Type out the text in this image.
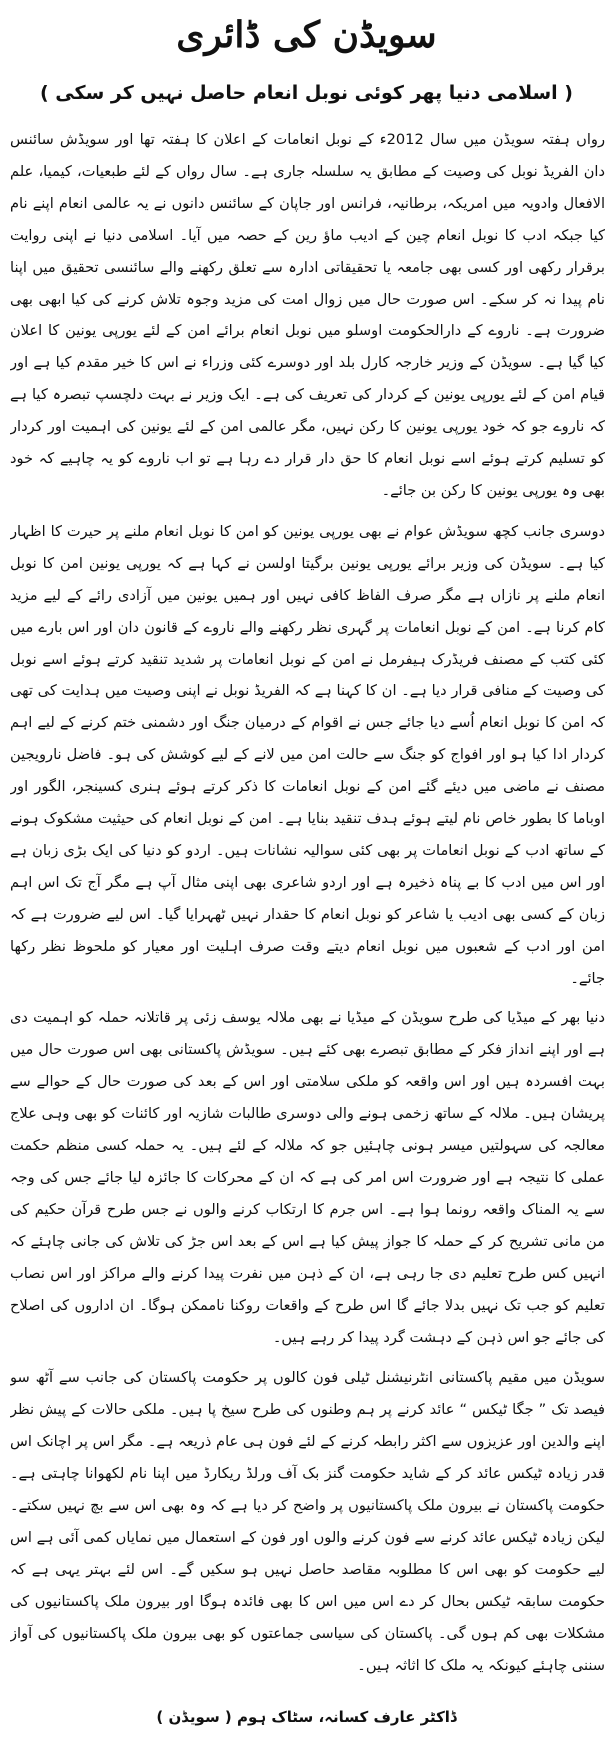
سویڈن کی ڈائری
( اسلامی دنیا پھر کوئی نوبل انعام حاصل نہیں کر سکی )

رواں ہفتہ سویڈن میں سال 2012ء کے نوبل انعامات کے اعلان کا ہفتہ تھا اور سویڈش سائنس دان الفریڈ نوبل کی وصیت کے مطابق یہ سلسلہ جاری ہے۔ سال رواں کے لئے طبعیات، کیمیا، علم الافعال وادویہ میں امریکہ، برطانیہ، فرانس اور جاپان کے سائنس دانوں نے یہ عالمی انعام اپنے نام کیا جبکہ ادب کا نوبل انعام چین کے ادیب ماؤ رین کے حصہ میں آیا۔ اسلامی دنیا نے اپنی روایت برقرار رکھی اور کسی بھی جامعہ یا تحقیقاتی ادارہ سے تعلق رکھنے والے سائنسی تحقیق میں اپنا نام پیدا نہ کر سکے۔ اس صورت حال میں زوال امت کی مزید وجوہ تلاش کرنے کی کیا ابھی بھی ضرورت ہے۔ ناروے کے دارالحکومت اوسلو میں نوبل انعام برائے امن کے لئے یورپی یونین کا اعلان کیا گیا ہے۔ سویڈن کے وزیر خارجہ کارل بلد اور دوسرے کئی وزراء نے اس کا خیر مقدم کیا ہے اور قیام امن کے لئے یورپی یونین کے کردار کی تعریف کی ہے۔ ایک وزیر نے بہت دلچسپ تبصرہ کیا ہے کہ ناروے جو کہ خود یورپی یونین کا رکن نہیں، مگر عالمی امن کے لئے یونین کی اہمیت اور کردار کو تسلیم کرتے ہوئے اسے نوبل انعام کا حق دار قرار دے رہا ہے تو اب ناروے کو یہ چاہیے کہ خود بھی وہ یورپی یونین کا رکن بن جائے۔

دوسری جانب کچھ سویڈش عوام نے بھی یورپی یونین کو امن کا نوبل انعام ملنے پر حیرت کا اظہار کیا ہے۔ سویڈن کی وزیر برائے یورپی یونین برگیتا اولسن نے کہا ہے کہ یورپی یونین امن کا نوبل انعام ملنے پر نازاں ہے مگر صرف الفاظ کافی نہیں اور ہمیں یونین میں آزادی رائے کے لیے مزید کام کرنا ہے۔ امن کے نوبل انعامات پر گہری نظر رکھنے والے ناروے کے قانون دان اور اس بارے میں کئی کتب کے مصنف فریڈرک ہیفرمل نے امن کے نوبل انعامات پر شدید تنقید کرتے ہوئے اسے نوبل کی وصیت کے منافی قرار دیا ہے۔ ان کا کہنا ہے کہ الفریڈ نوبل نے اپنی وصیت میں ہدایت کی تھی کہ امن کا نوبل انعام اُسے دیا جائے جس نے اقوام کے درمیان جنگ اور دشمنی ختم کرنے کے لیے اہم کردار ادا کیا ہو اور افواج کو جنگ سے حالت امن میں لانے کے لیے کوشش کی ہو۔ فاضل نارویجین مصنف نے ماضی میں دیئے گئے امن کے نوبل انعامات کا ذکر کرتے ہوئے ہنری کسینجر، الگور اور اوباما کا بطور خاص نام لیتے ہوئے ہدف تنقید بنایا ہے۔ امن کے نوبل انعام کی حیثیت مشکوک ہونے کے ساتھ ادب کے نوبل انعامات پر بھی کئی سوالیہ نشانات ہیں۔ اردو کو دنیا کی ایک بڑی زبان ہے اور اس میں ادب کا بے پناہ ذخیرہ ہے اور اردو شاعری بھی اپنی مثال آپ ہے مگر آج تک اس اہم زبان کے کسی بھی ادیب یا شاعر کو نوبل انعام کا حقدار نہیں ٹھہرایا گیا۔ اس لیے ضرورت ہے کہ امن اور ادب کے شعبوں میں نوبل انعام دیتے وقت صرف اہلیت اور معیار کو ملحوظ نظر رکھا جائے۔

دنیا بھر کے میڈیا کی طرح سویڈن کے میڈیا نے بھی ملالہ یوسف زئی پر قاتلانہ حملہ کو اہمیت دی ہے اور اپنے انداز فکر کے مطابق تبصرے بھی کئے ہیں۔ سویڈش پاکستانی بھی اس صورت حال میں بہت افسردہ ہیں اور اس واقعہ کو ملکی سلامتی اور اس کے بعد کی صورت حال کے حوالے سے پریشان ہیں۔ ملالہ کے ساتھ زخمی ہونے والی دوسری طالبات شازیہ اور کائنات کو بھی وہی علاج معالجہ کی سہولتیں میسر ہونی چاہئیں جو کہ ملالہ کے لئے ہیں۔ یہ حملہ کسی منظم حکمت عملی کا نتیجہ ہے اور ضرورت اس امر کی ہے کہ ان کے محرکات کا جائزہ لیا جائے جس کی وجہ سے یہ المناک واقعہ رونما ہوا ہے۔ اس جرم کا ارتکاب کرنے والوں نے جس طرح قرآن حکیم کی من مانی تشریح کر کے حملہ کا جواز پیش کیا ہے اس کے بعد اس جڑ کی تلاش کی جانی چاہئے کہ انہیں کس طرح تعلیم دی جا رہی ہے، ان کے ذہن میں نفرت پیدا کرنے والے مراکز اور اس نصاب تعلیم کو جب تک نہیں بدلا جائے گا اس طرح کے واقعات روکنا ناممکن ہوگا۔ ان اداروں کی اصلاح کی جائے جو اس ذہن کے دہشت گرد پیدا کر رہے ہیں۔

سویڈن میں مقیم پاکستانی انٹرنیشنل ٹیلی فون کالوں پر حکومت پاکستان کی جانب سے آٹھ سو فیصد تک ” جگا ٹیکس “ عائد کرنے پر ہم وطنوں کی طرح سیخ پا ہیں۔ ملکی حالات کے پیش نظر اپنے والدین اور عزیزوں سے اکثر رابطہ کرنے کے لئے فون ہی عام ذریعہ ہے۔ مگر اس پر اچانک اس قدر زیادہ ٹیکس عائد کر کے شاید حکومت گنز بک آف ورلڈ ریکارڈ میں اپنا نام لکھوانا چاہتی ہے۔ حکومت پاکستان نے بیرون ملک پاکستانیوں پر واضح کر دیا ہے کہ وہ بھی اس سے بچ نہیں سکتے۔ لیکن زیادہ ٹیکس عائد کرنے سے فون کرنے والوں اور فون کے استعمال میں نمایاں کمی آئی ہے اس لیے حکومت کو بھی اس کا مطلوبہ مقاصد حاصل نہیں ہو سکیں گے۔ اس لئے بہتر یہی ہے کہ حکومت سابقہ ٹیکس بحال کر دے اس میں اس کا بھی فائدہ ہوگا اور بیرون ملک پاکستانیوں کی مشکلات بھی کم ہوں گی۔ پاکستان کی سیاسی جماعتوں کو بھی بیرون ملک پاکستانیوں کی آواز سننی چاہئے کیونکہ یہ ملک کا اثاثہ ہیں۔

ڈاکٹر عارف کسانہ، سٹاک ہوم ( سویڈن )
